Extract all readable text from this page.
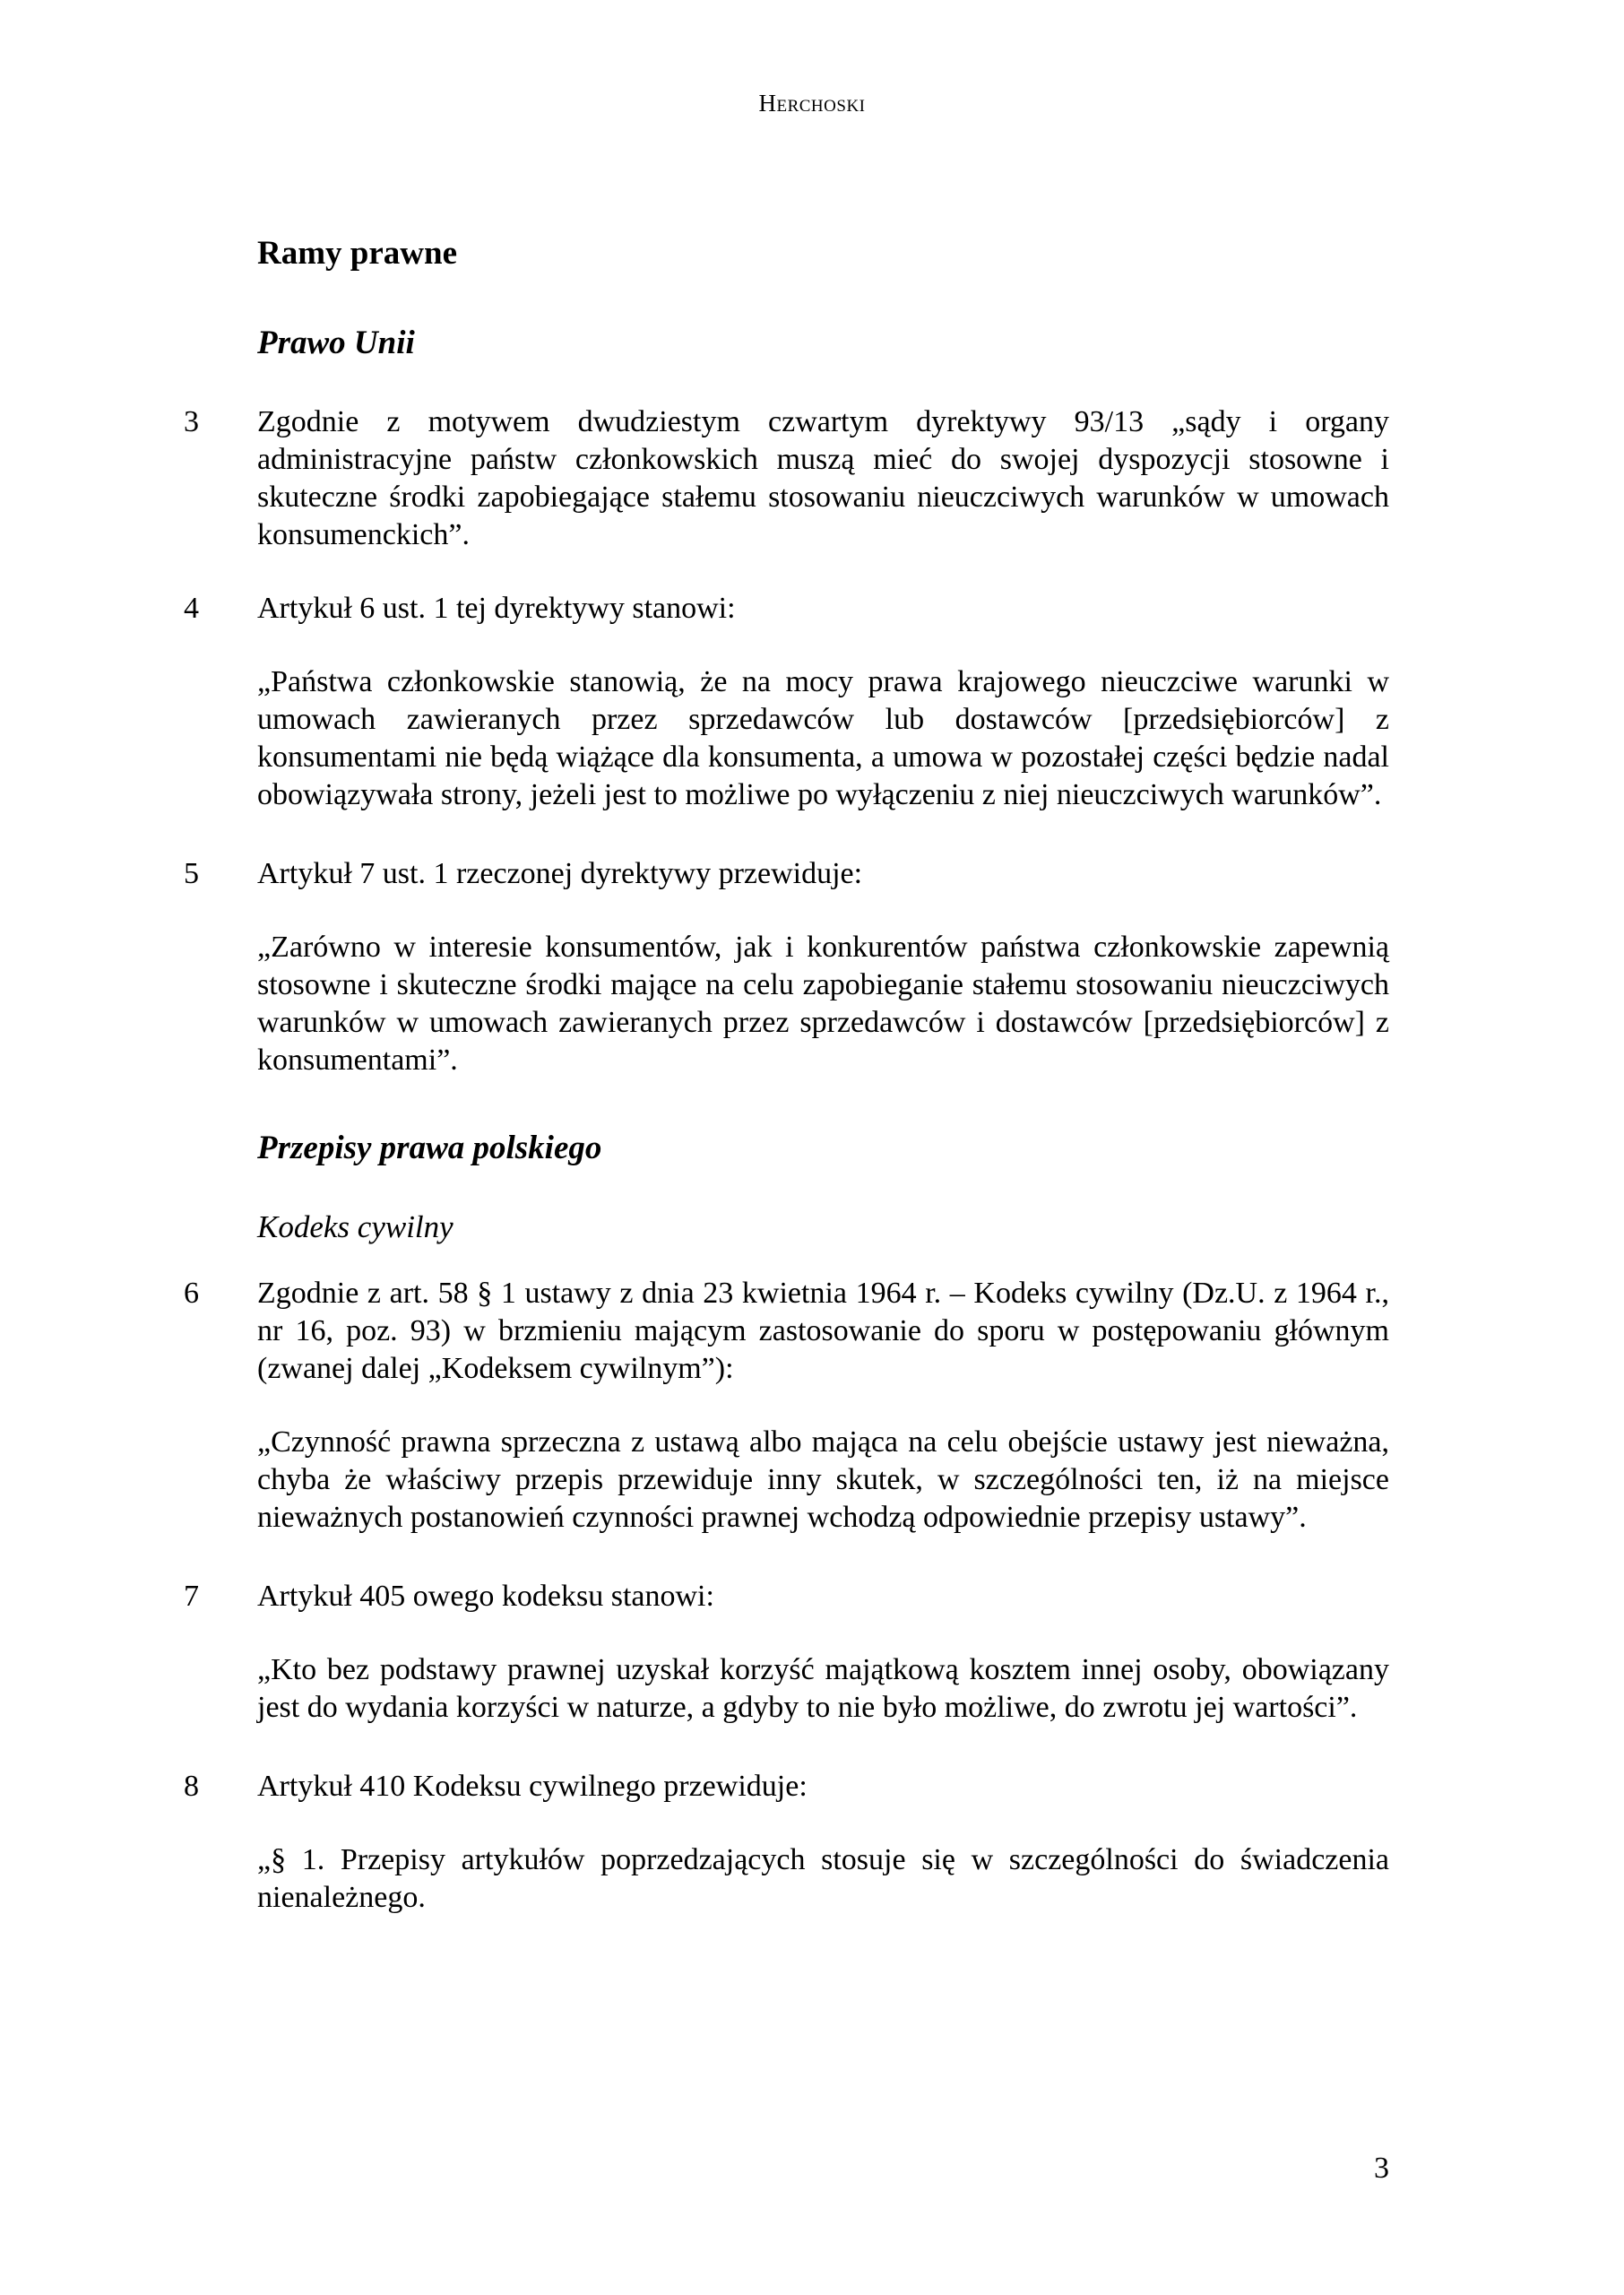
Herchoski
Ramy prawne
Prawo Unii
3 Zgodnie z motywem dwudziestym czwartym dyrektywy 93/13 „sądy i organy administracyjne państw członkowskich muszą mieć do swojej dyspozycji stosowne i skuteczne środki zapobiegające stałemu stosowaniu nieuczciwych warunków w umowach konsumenckich”.

4 Artykuł 6 ust. 1 tej dyrektywy stanowi:

„Państwa członkowskie stanowią, że na mocy prawa krajowego nieuczciwe warunki w umowach zawieranych przez sprzedawców lub dostawców [przedsiębiorców] z konsumentami nie będą wiążące dla konsumenta, a umowa w pozostałej części będzie nadal obowiązywała strony, jeżeli jest to możliwe po wyłączeniu z niej nieuczciwych warunków”.

5 Artykuł 7 ust. 1 rzeczonej dyrektywy przewiduje:

„Zarówno w interesie konsumentów, jak i konkurentów państwa członkowskie zapewnią stosowne i skuteczne środki mające na celu zapobieganie stałemu stosowaniu nieuczciwych warunków w umowach zawieranych przez sprzedawców i dostawców [przedsiębiorców] z konsumentami”.

Przepisy prawa polskiego
Kodeks cywilny
6 Zgodnie z art. 58 § 1 ustawy z dnia 23 kwietnia 1964 r. – Kodeks cywilny (Dz.U. z 1964 r., nr 16, poz. 93) w brzmieniu mającym zastosowanie do sporu w postępowaniu głównym (zwanej dalej „Kodeksem cywilnym”):

„Czynność prawna sprzeczna z ustawą albo mająca na celu obejście ustawy jest nieważna, chyba że właściwy przepis przewiduje inny skutek, w szczególności ten, iż na miejsce nieważnych postanowień czynności prawnej wchodzą odpowiednie przepisy ustawy”.

7 Artykuł 405 owego kodeksu stanowi:

„Kto bez podstawy prawnej uzyskał korzyść majątkową kosztem innej osoby, obowiązany jest do wydania korzyści w naturze, a gdyby to nie było możliwe, do zwrotu jej wartości”.

8 Artykuł 410 Kodeksu cywilnego przewiduje:

„§ 1. Przepisy artykułów poprzedzających stosuje się w szczególności do świadczenia nienależnego.

3
